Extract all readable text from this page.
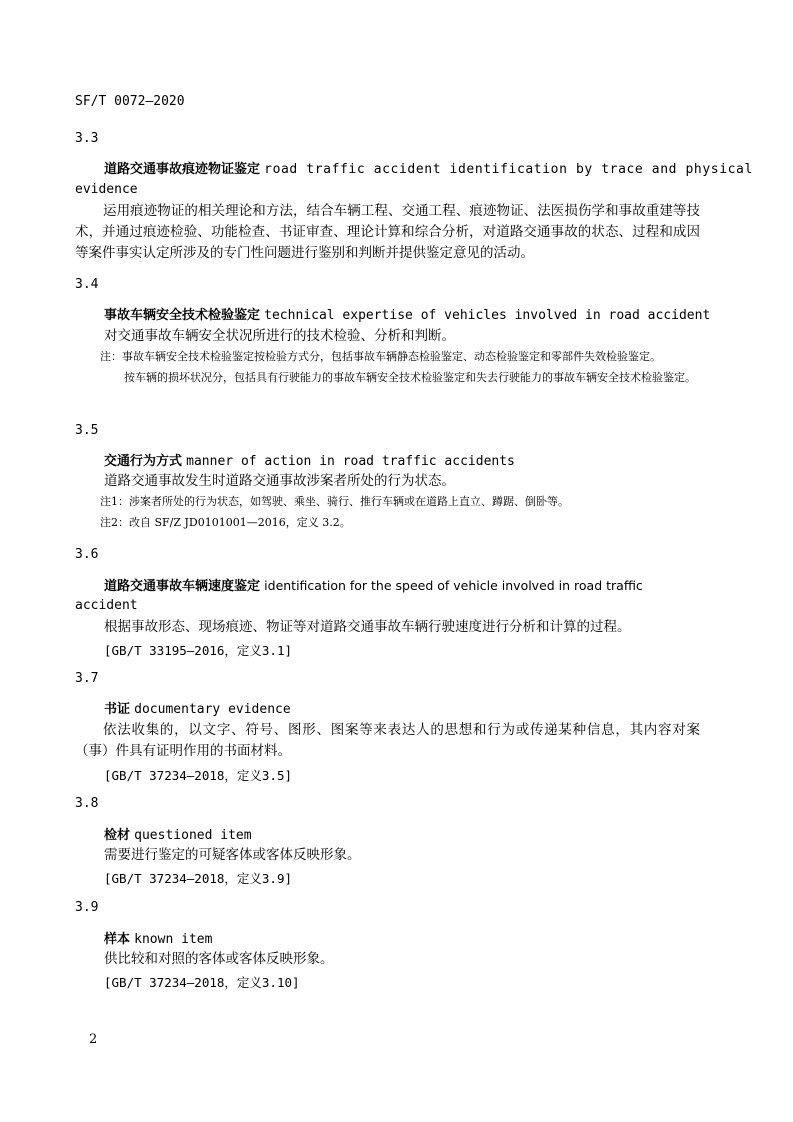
SF/T 0072—2020
3.3
道路交通事故痕迹物证鉴定 road traffic accident identification by trace and physical
evidence
运用痕迹物证的相关理论和方法，结合车辆工程、交通工程、痕迹物证、法医损伤学和事故重建等技术，并通过痕迹检验、功能检查、书证审查、理论计算和综合分析，对道路交通事故的状态、过程和成因等案件事实认定所涉及的专门性问题进行鉴别和判断并提供鉴定意见的活动。
3.4
事故车辆安全技术检验鉴定 technical expertise of vehicles involved in road accident
对交通事故车辆安全状况所进行的技术检验、分析和判断。
注：事故车辆安全技术检验鉴定按检验方式分，包括事故车辆静态检验鉴定、动态检验鉴定和零部件失效检验鉴定。
按车辆的损坏状况分，包括具有行驶能力的事故车辆安全技术检验鉴定和失去行驶能力的事故车辆安全技术检验鉴定。
3.5
交通行为方式 manner of action in road traffic accidents
道路交通事故发生时道路交通事故涉案者所处的行为状态。
注1：涉案者所处的行为状态，如驾驶、乘坐、骑行、推行车辆或在道路上直立、蹲踞、倒卧等。
注2：改自 SF/Z JD0101001—2016，定义 3.2。
3.6
道路交通事故车辆速度鉴定 identification for the speed of vehicle involved in road traffic
accident
根据事故形态、现场痕迹、物证等对道路交通事故车辆行驶速度进行分析和计算的过程。
[GB/T 33195—2016，定义3.1]
3.7
书证 documentary evidence
依法收集的，以文字、符号、图形、图案等来表达人的思想和行为或传递某种信息，其内容对案（事）件具有证明作用的书面材料。
[GB/T 37234—2018，定义3.5]
3.8
检材 questioned item
需要进行鉴定的可疑客体或客体反映形象。
[GB/T 37234—2018，定义3.9]
3.9
样本 known item
供比较和对照的客体或客体反映形象。
[GB/T 37234—2018，定义3.10]
2
